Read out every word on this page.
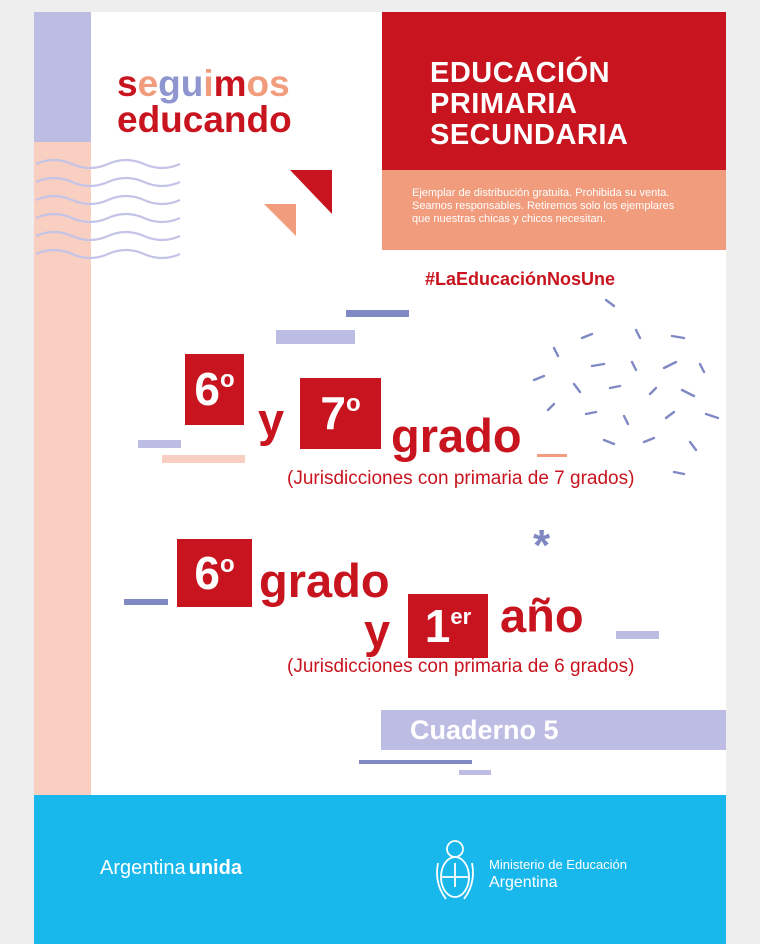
seguimos
educando
EDUCACIÓN
PRIMARIA
SECUNDARIA
Ejemplar de distribución gratuita. Prohibida su venta.
Seamos responsables. Retiremos solo los ejemplares
que nuestras chicas y chicos necesitan.
#LaEducaciónNosUne
6 o
y 7 o
grado
(Jurisdicciones con primaria de 7 grados)
*
6 o grado
y 1 er año
(Jurisdicciones con primaria de 6 grados)
Cuaderno 5
Argentina unida	Ministerio de Educación
Argentina
